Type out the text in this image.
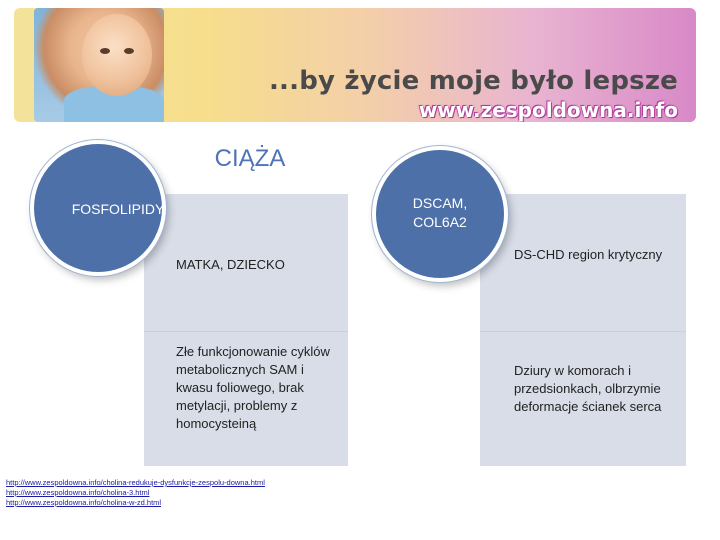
...by życie moje było lepsze
www.zespoldowna.info
CIĄŻA
FOSFOLIPIDY	DSCAM, COL6A2
MATKA, DZIECKO
Złe funkcjonowanie cyklów metabolicznych SAM i kwasu foliowego, brak metylacji, problemy z homocysteiną
DS-CHD region krytyczny
Dziury w komorach i przedsionkach, olbrzymie deformacje ścianek serca
http://www.zespoldowna.info/cholina-redukuje-dysfunkcje-zespolu-downa.html
http://www.zespoldowna.info/cholina-3.html
http://www.zespoldowna.info/cholina-w-zd.html
